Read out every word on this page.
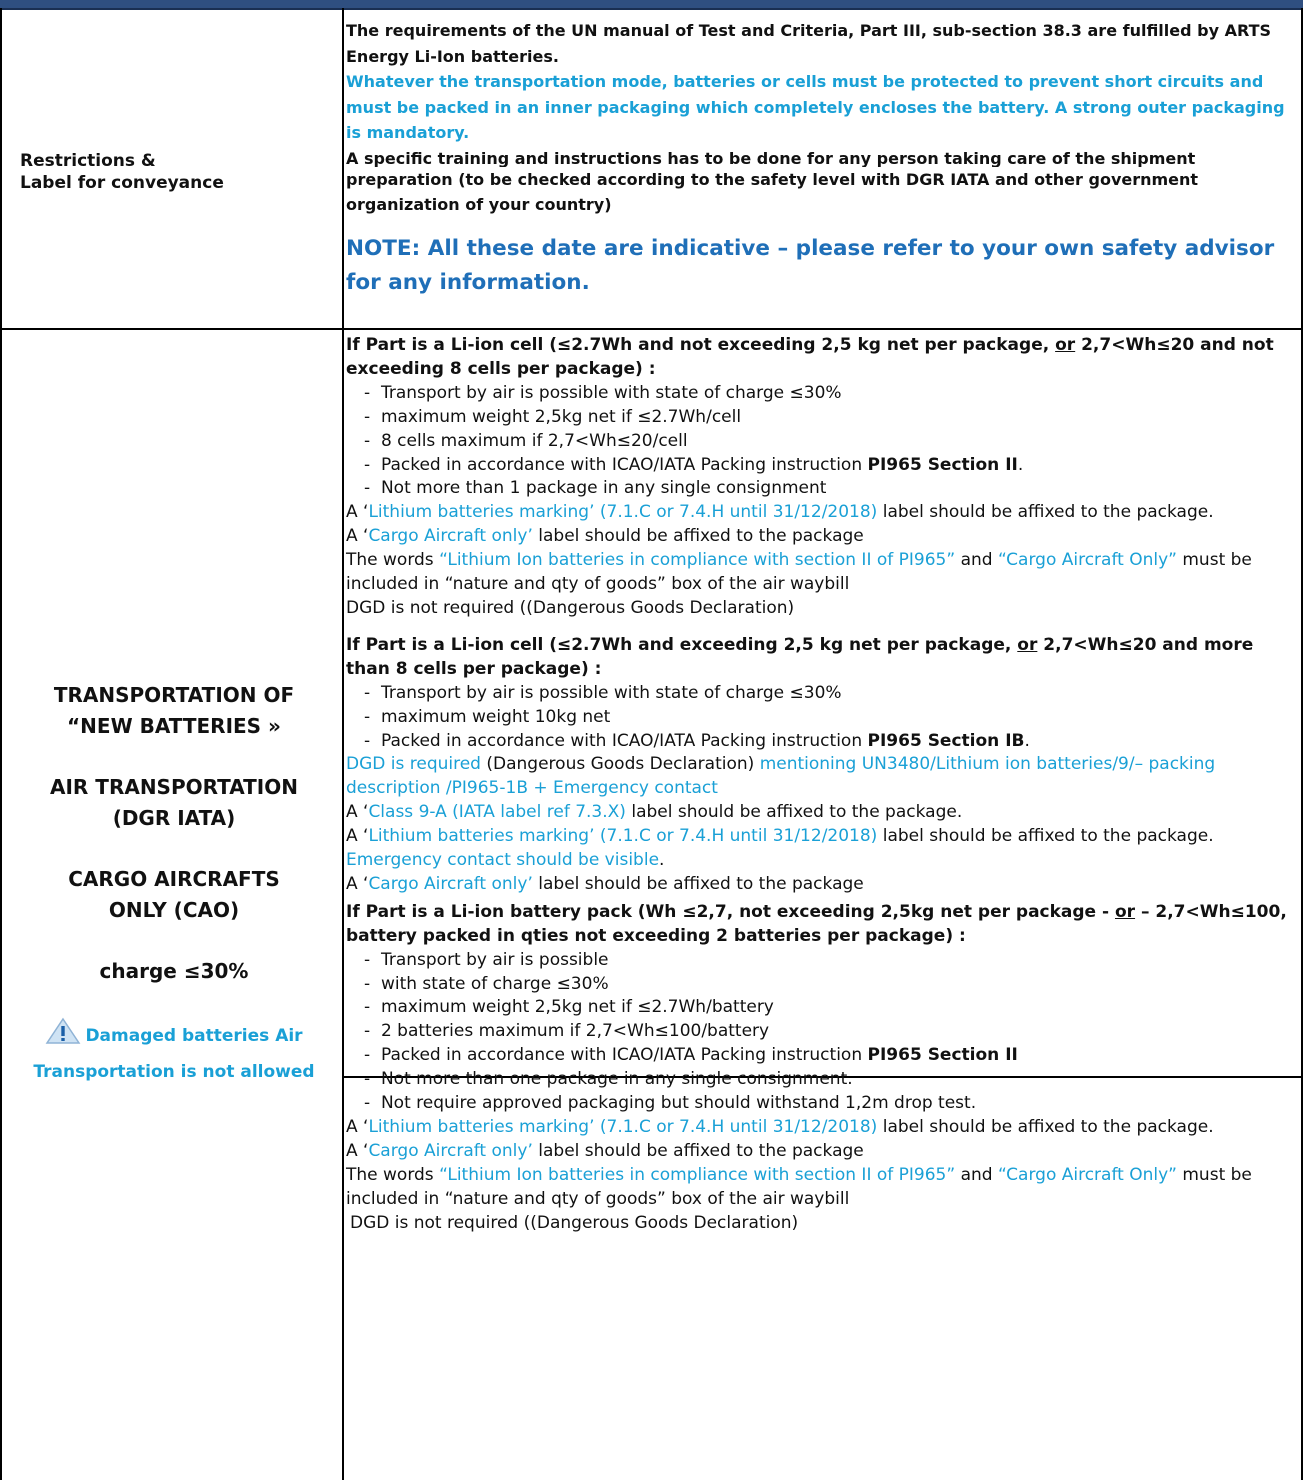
Restrictions &
Label for conveyance

The requirements of the UN manual of Test and Criteria, Part III, sub-section 38.3 are fulfilled by ARTS Energy Li-Ion batteries.

Whatever the transportation mode, batteries or cells must be protected to prevent short circuits and must be packed in an inner packaging which completely encloses the battery. A strong outer packaging is mandatory.

A specific training and instructions has to be done for any person taking care of the shipment

preparation (to be checked according to the safety level with DGR IATA and other government organization of your country)

NOTE: All these date are indicative – please refer to your own safety advisor for any information.

TRANSPORTATION OF
“NEW BATTERIES »

AIR TRANSPORTATION
(DGR IATA)

CARGO AIRCRAFTS
ONLY (CAO)

charge ≤30%

Damaged batteries Air
Transportation is not allowed
If Part is a Li-ion cell (≤2.7Wh and not exceeding 2,5 kg net per package, or 2,7<Wh≤20 and not exceeding 8 cells per package) :
-  Transport by air is possible with state of charge ≤30%
-  maximum weight 2,5kg net if ≤2.7Wh/cell
-  8 cells maximum if 2,7<Wh≤20/cell
-  Packed in accordance with ICAO/IATA Packing instruction PI965 Section II.
-  Not more than 1 package in any single consignment
A ‘Lithium batteries marking’ (7.1.C or 7.4.H until 31/12/2018) label should be affixed to the package.
A ‘Cargo Aircraft only’ label should be affixed to the package
The words “Lithium Ion batteries in compliance with section II of PI965” and “Cargo Aircraft Only” must be included in “nature and qty of goods” box of the air waybill
DGD is not required ((Dangerous Goods Declaration)
If Part is a Li-ion cell (≤2.7Wh and exceeding 2,5 kg net per package, or 2,7<Wh≤20 and more than 8 cells per package) :
-  Transport by air is possible with state of charge ≤30%
-  maximum weight 10kg net
-  Packed in accordance with ICAO/IATA Packing instruction PI965 Section IB.
DGD is required (Dangerous Goods Declaration) mentioning UN3480/Lithium ion batteries/9/– packing description /PI965-1B + Emergency contact
A ‘Class 9-A (IATA label ref 7.3.X) label should be affixed to the package.
A ‘Lithium batteries marking’ (7.1.C or 7.4.H until 31/12/2018) label should be affixed to the package. Emergency contact should be visible.
A ‘Cargo Aircraft only’ label should be affixed to the package
If Part is a Li-ion battery pack (Wh ≤2,7, not exceeding 2,5kg net per package - or – 2,7<Wh≤100, battery packed in qties not exceeding 2 batteries per package) :
-  Transport by air is possible
-  with state of charge ≤30%
-  maximum weight 2,5kg net if ≤2.7Wh/battery
-  2 batteries maximum if 2,7<Wh≤100/battery
-  Packed in accordance with ICAO/IATA Packing instruction PI965 Section II
-  Not more than one package in any single consignment.
-  Not require approved packaging but should withstand 1,2m drop test.
A ‘Lithium batteries marking’ (7.1.C or 7.4.H until 31/12/2018) label should be affixed to the package.
A ‘Cargo Aircraft only’ label should be affixed to the package
The words “Lithium Ion batteries in compliance with section II of PI965” and “Cargo Aircraft Only” must be included in “nature and qty of goods” box of the air waybill
DGD is not required ((Dangerous Goods Declaration)
